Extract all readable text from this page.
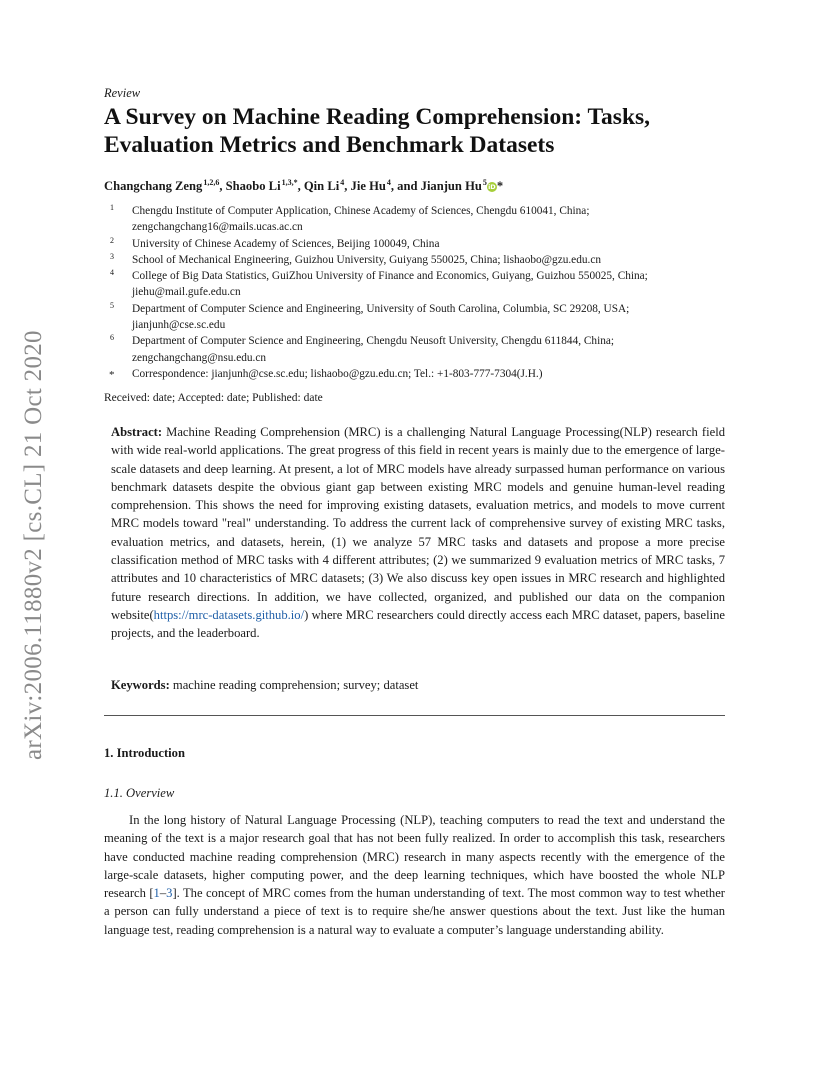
arXiv:2006.11880v2 [cs.CL] 21 Oct 2020
Review
A Survey on Machine Reading Comprehension: Tasks, Evaluation Metrics and Benchmark Datasets
Changchang Zeng$^{1,2,6}$, Shaobo $Li^{1,3,*}$, Qin Li$^4$, Jie Hu$^4$, and Jianjun Hu$^5$iD*
1 Chengdu Institute of Computer Application, Chinese Academy of Sciences, Chengdu 610041, China;
zengchangchang16@mails.ucas.ac.cn
2 University of Chinese Academy of Sciences, Beijing 100049, China
3 School of Mechanical Engineering, Guizhou University, Guiyang 550025, China; lishaobo@gzu.edu.cn
4 College of Big Data Statistics, GuiZhou University of Finance and Economics, Guiyang, Guizhou 550025, China;
jiehu@mail.gufe.edu.cn
5 Department of Computer Science and Engineering, University of South Carolina, Columbia, SC 29208, USA;
jianjunh@cse.sc.edu
6 Department of Computer Science and Engineering, Chengdu Neusoft University, Chengdu 611844, China;
zengchangchang@nsu.edu.cn
* Correspondence: jianjunh@cse.sc.edu; lishaobo@gzu.edu.cn; Tel.: +1-803-777-7304(J.H.)
Received: date; Accepted: date; Published: date
Abstract: Machine Reading Comprehension (MRC) is a challenging Natural Language Processing(NLP) research field with wide real-world applications. The great progress of this field in recent years is mainly due to the emergence of large-scale datasets and deep learning. At present, a lot of MRC models have already surpassed human performance on various benchmark datasets despite the obvious giant gap between existing MRC models and genuine human-level reading comprehension. This shows the need for improving existing datasets, evaluation metrics, and models to move current MRC models toward "real" understanding. To address the current lack of comprehensive survey of existing MRC tasks, evaluation metrics, and datasets, herein, (1) we analyze 57 MRC tasks and datasets and propose a more precise classification method of MRC tasks with 4 different attributes; (2) we summarized 9 evaluation metrics of MRC tasks, 7 attributes and 10 characteristics of MRC datasets; (3) We also discuss key open issues in MRC research and highlighted future research directions. In addition, we have collected, organized, and published our data on the companion website(https://mrc-datasets.github.io/) where MRC researchers could directly access each MRC dataset, papers, baseline projects, and the leaderboard.
Keywords: machine reading comprehension; survey; dataset
1. Introduction
1.1. Overview
In the long history of Natural Language Processing (NLP), teaching computers to read the text and understand the meaning of the text is a major research goal that has not been fully realized. In order to accomplish this task, researchers have conducted machine reading comprehension (MRC) research in many aspects recently with the emergence of the large-scale datasets, higher computing power, and the deep learning techniques, which have boosted the whole NLP research [1–3]. The concept of MRC comes from the human understanding of text. The most common way to test whether a person can fully understand a piece of text is to require she/he answer questions about the text. Just like the human language test, reading comprehension is a natural way to evaluate a computer’s language understanding ability.
